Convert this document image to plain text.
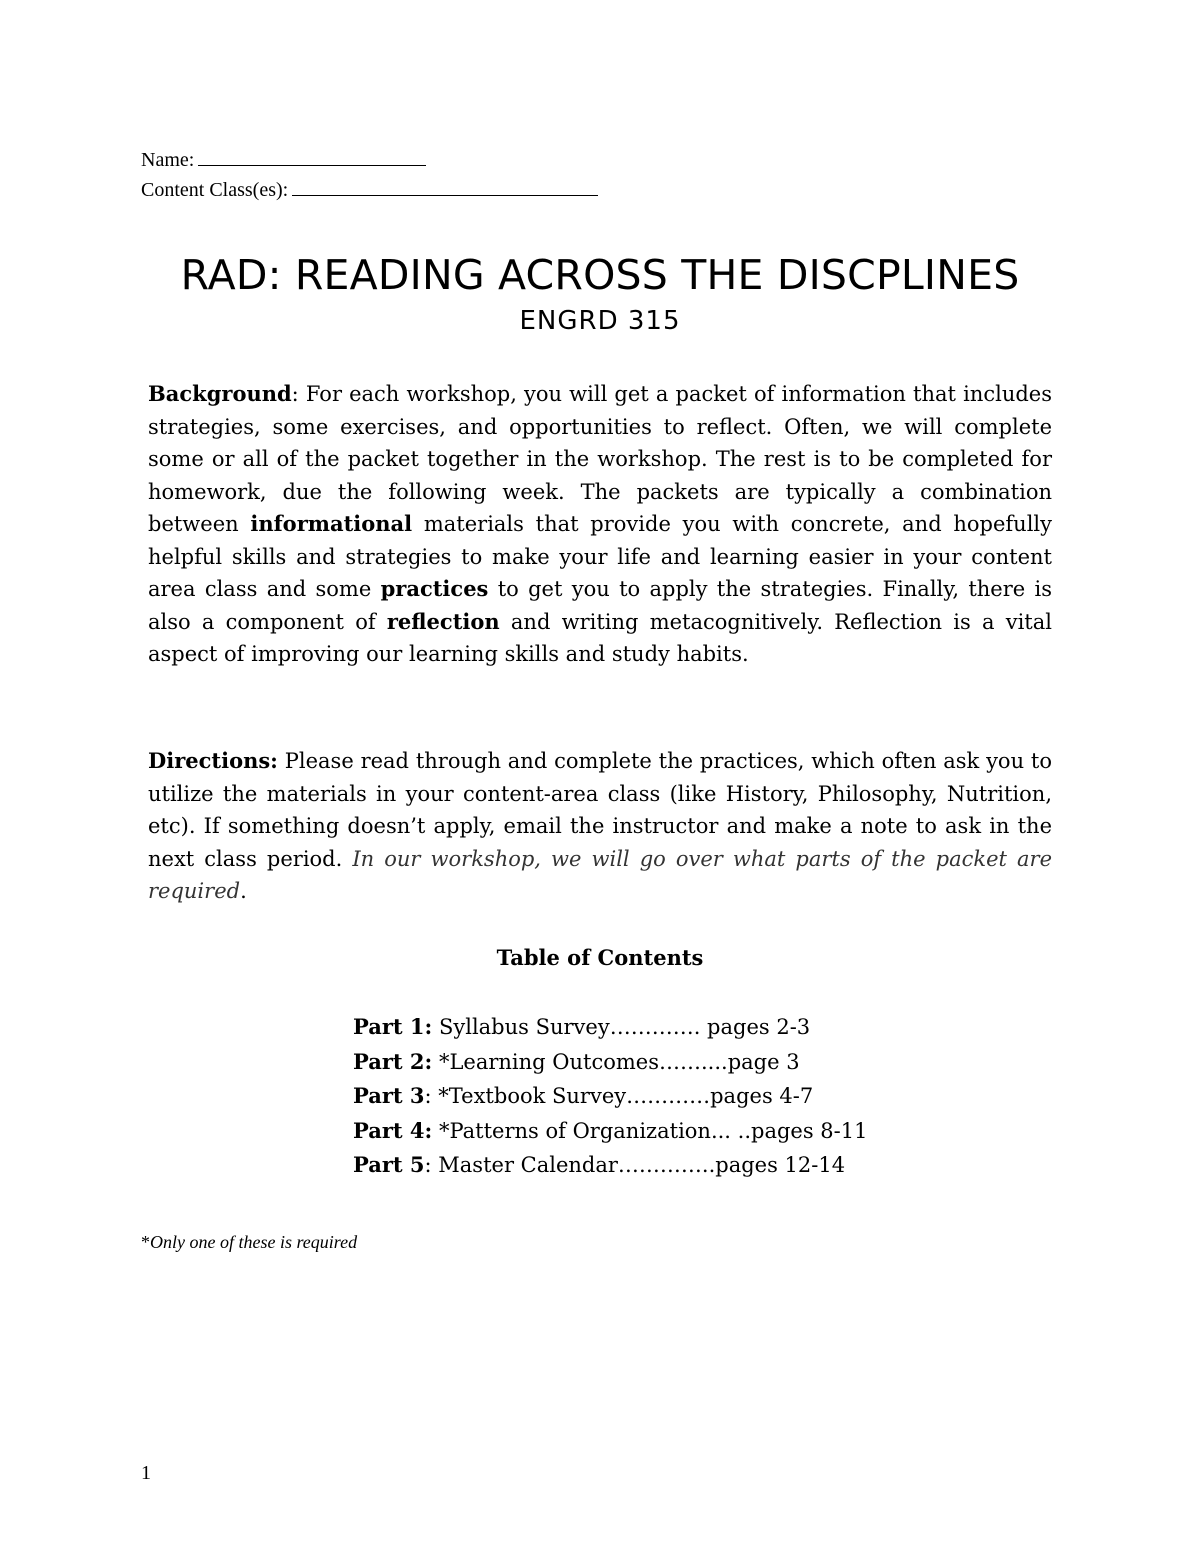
Name:
Content Class(es):
RAD: READING ACROSS THE DISCPLINES
ENGRD 315
Background: For each workshop, you will get a packet of information that includes strategies, some exercises, and opportunities to reflect. Often, we will complete some or all of the packet together in the workshop. The rest is to be completed for homework, due the following week. The packets are typically a combination between informational materials that provide you with concrete, and hopefully helpful skills and strategies to make your life and learning easier in your content area class and some practices to get you to apply the strategies. Finally, there is also a component of reflection and writing metacognitively. Reflection is a vital aspect of improving our learning skills and study habits.
Directions: Please read through and complete the practices, which often ask you to utilize the materials in your content-area class (like History, Philosophy, Nutrition, etc). If something doesn’t apply, email the instructor and make a note to ask in the next class period. In our workshop, we will go over what parts of the packet are required.
Table of Contents
Part 1: Syllabus Survey…………. pages 2-3
Part 2: *Learning Outcomes……....page 3
Part 3: *Textbook Survey…………pages 4-7
Part 4: *Patterns of Organization... ..pages 8-11
Part 5: Master Calendar…………..pages 12-14
*Only one of these is required
1
